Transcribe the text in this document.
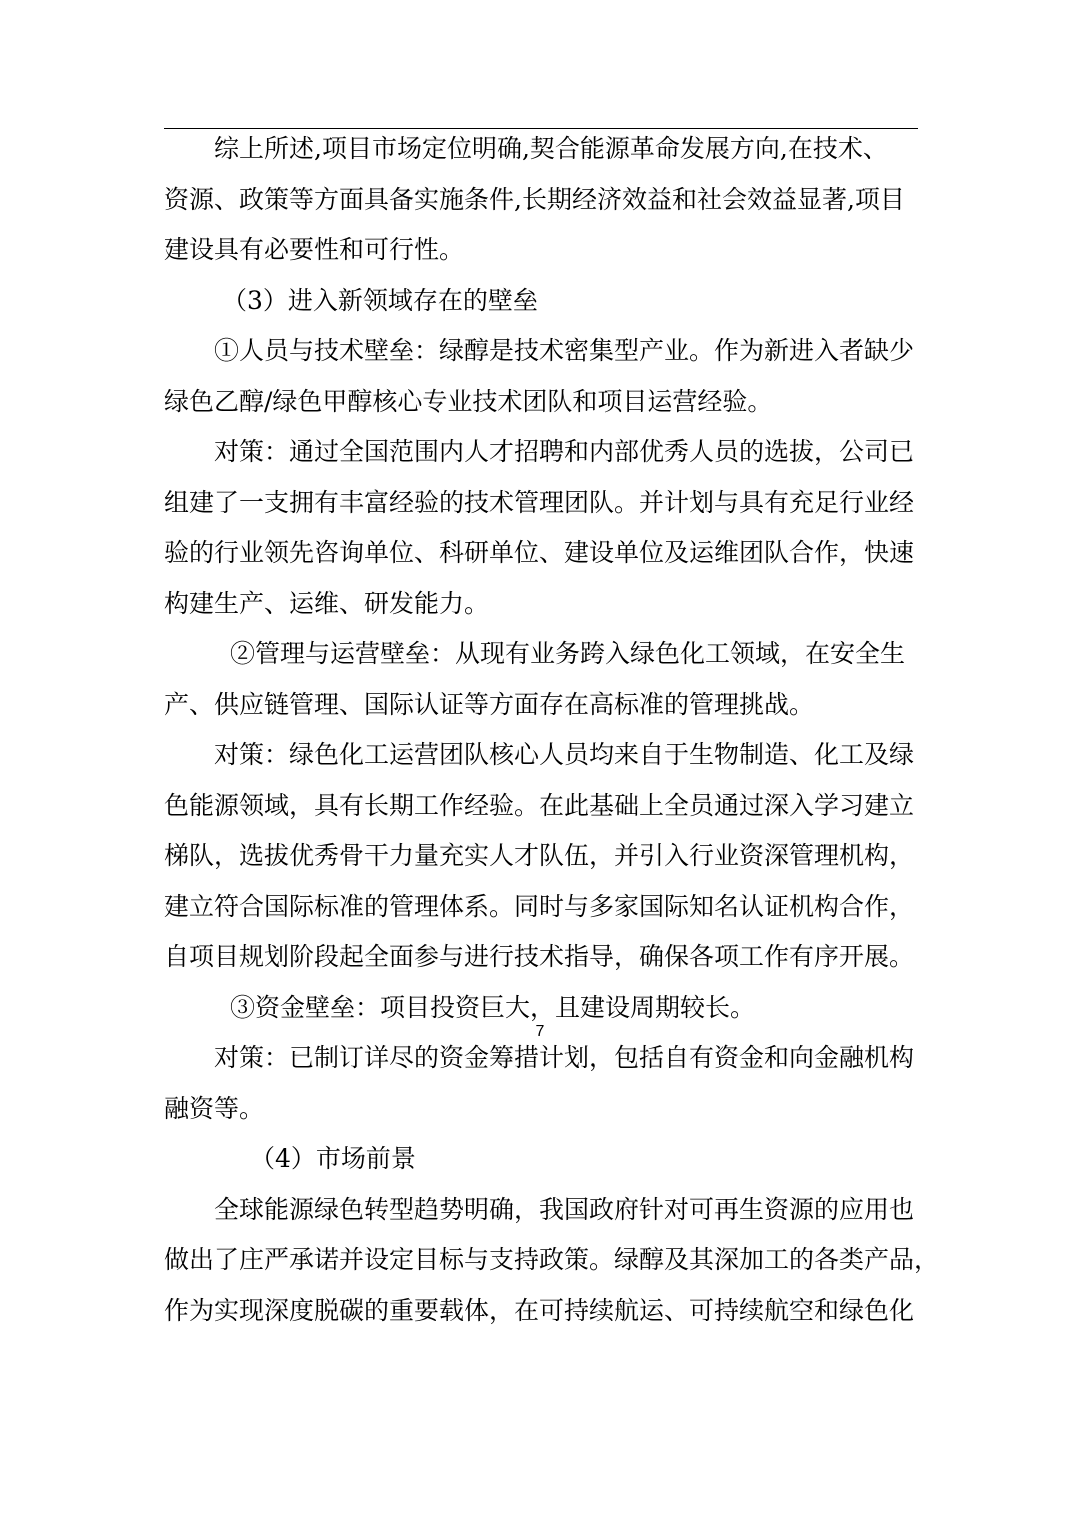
综上所述,项目市场定位明确,契合能源革命发展方向,在技术、
资源、政策等方面具备实施条件,长期经济效益和社会效益显著,项目
建设具有必要性和可行性。
（3）进入新领域存在的壁垒
①人员与技术壁垒：绿醇是技术密集型产业。作为新进入者缺少
绿色乙醇/绿色甲醇核心专业技术团队和项目运营经验。
对策：通过全国范围内人才招聘和内部优秀人员的选拔，公司已
组建了一支拥有丰富经验的技术管理团队。并计划与具有充足行业经
验的行业领先咨询单位、科研单位、建设单位及运维团队合作，快速
构建生产、运维、研发能力。
②管理与运营壁垒：从现有业务跨入绿色化工领域，在安全生
产、供应链管理、国际认证等方面存在高标准的管理挑战。
对策：绿色化工运营团队核心人员均来自于生物制造、化工及绿
色能源领域，具有长期工作经验。在此基础上全员通过深入学习建立
梯队，选拔优秀骨干力量充实人才队伍，并引入行业资深管理机构，
建立符合国际标准的管理体系。同时与多家国际知名认证机构合作，
自项目规划阶段起全面参与进行技术指导，确保各项工作有序开展。
③资金壁垒：项目投资巨大，且建设周期较长。
对策：已制订详尽的资金筹措计划，包括自有资金和向金融机构
融资等。
（4）市场前景
全球能源绿色转型趋势明确，我国政府针对可再生资源的应用也
做出了庄严承诺并设定目标与支持政策。绿醇及其深加工的各类产品，
作为实现深度脱碳的重要载体，在可持续航运、可持续航空和绿色化
7
